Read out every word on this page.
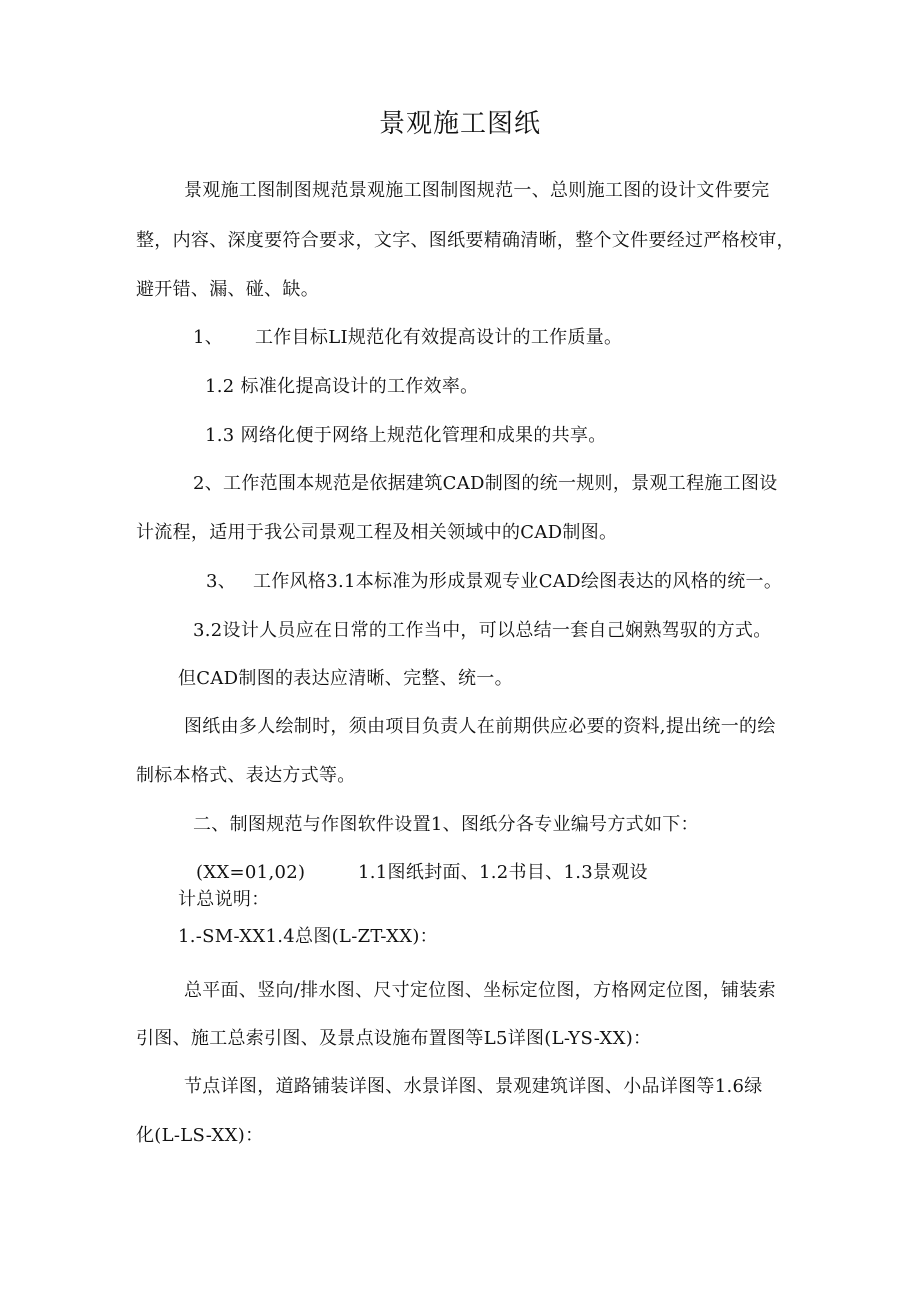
景观施工图纸
景观施工图制图规范景观施工图制图规范一、总则施工图的设计文件要完
整，内容、深度要符合要求，文字、图纸要精确清晰，整个文件要经过严格校审，
避开错、漏、碰、缺。
1、 工作目标LI规范化有效提高设计的工作质量。
1.2 标准化提高设计的工作效率。
1.3 网络化便于网络上规范化管理和成果的共享。
2、工作范围本规范是依据建筑CAD制图的统一规则，景观工程施工图设
计流程，适用于我公司景观工程及相关领域中的CAD制图。
3、 工作风格3.1本标准为形成景观专业CAD绘图表达的风格的统一。
3.2设计人员应在日常的工作当中，可以总结一套自己娴熟驾驭的方式。
但CAD制图的表达应清晰、完整、统一。
图纸由多人绘制时，须由项目负责人在前期供应必要的资料,提出统一的绘
制标本格式、表达方式等。
二、制图规范与作图软件设置1、图纸分各专业编号方式如下：
(XX=01,02)	1.1图纸封面、1.2书目、1.3景观设
计总说明：
1.-SM-XX1.4总图(L-ZT-XX)：
总平面、竖向/排水图、尺寸定位图、坐标定位图，方格网定位图，铺装索
引图、施工总索引图、及景点设施布置图等L5详图(L-YS-XX)：
节点详图，道路铺装详图、水景详图、景观建筑详图、小品详图等1.6绿
化(L-LS-XX)：
